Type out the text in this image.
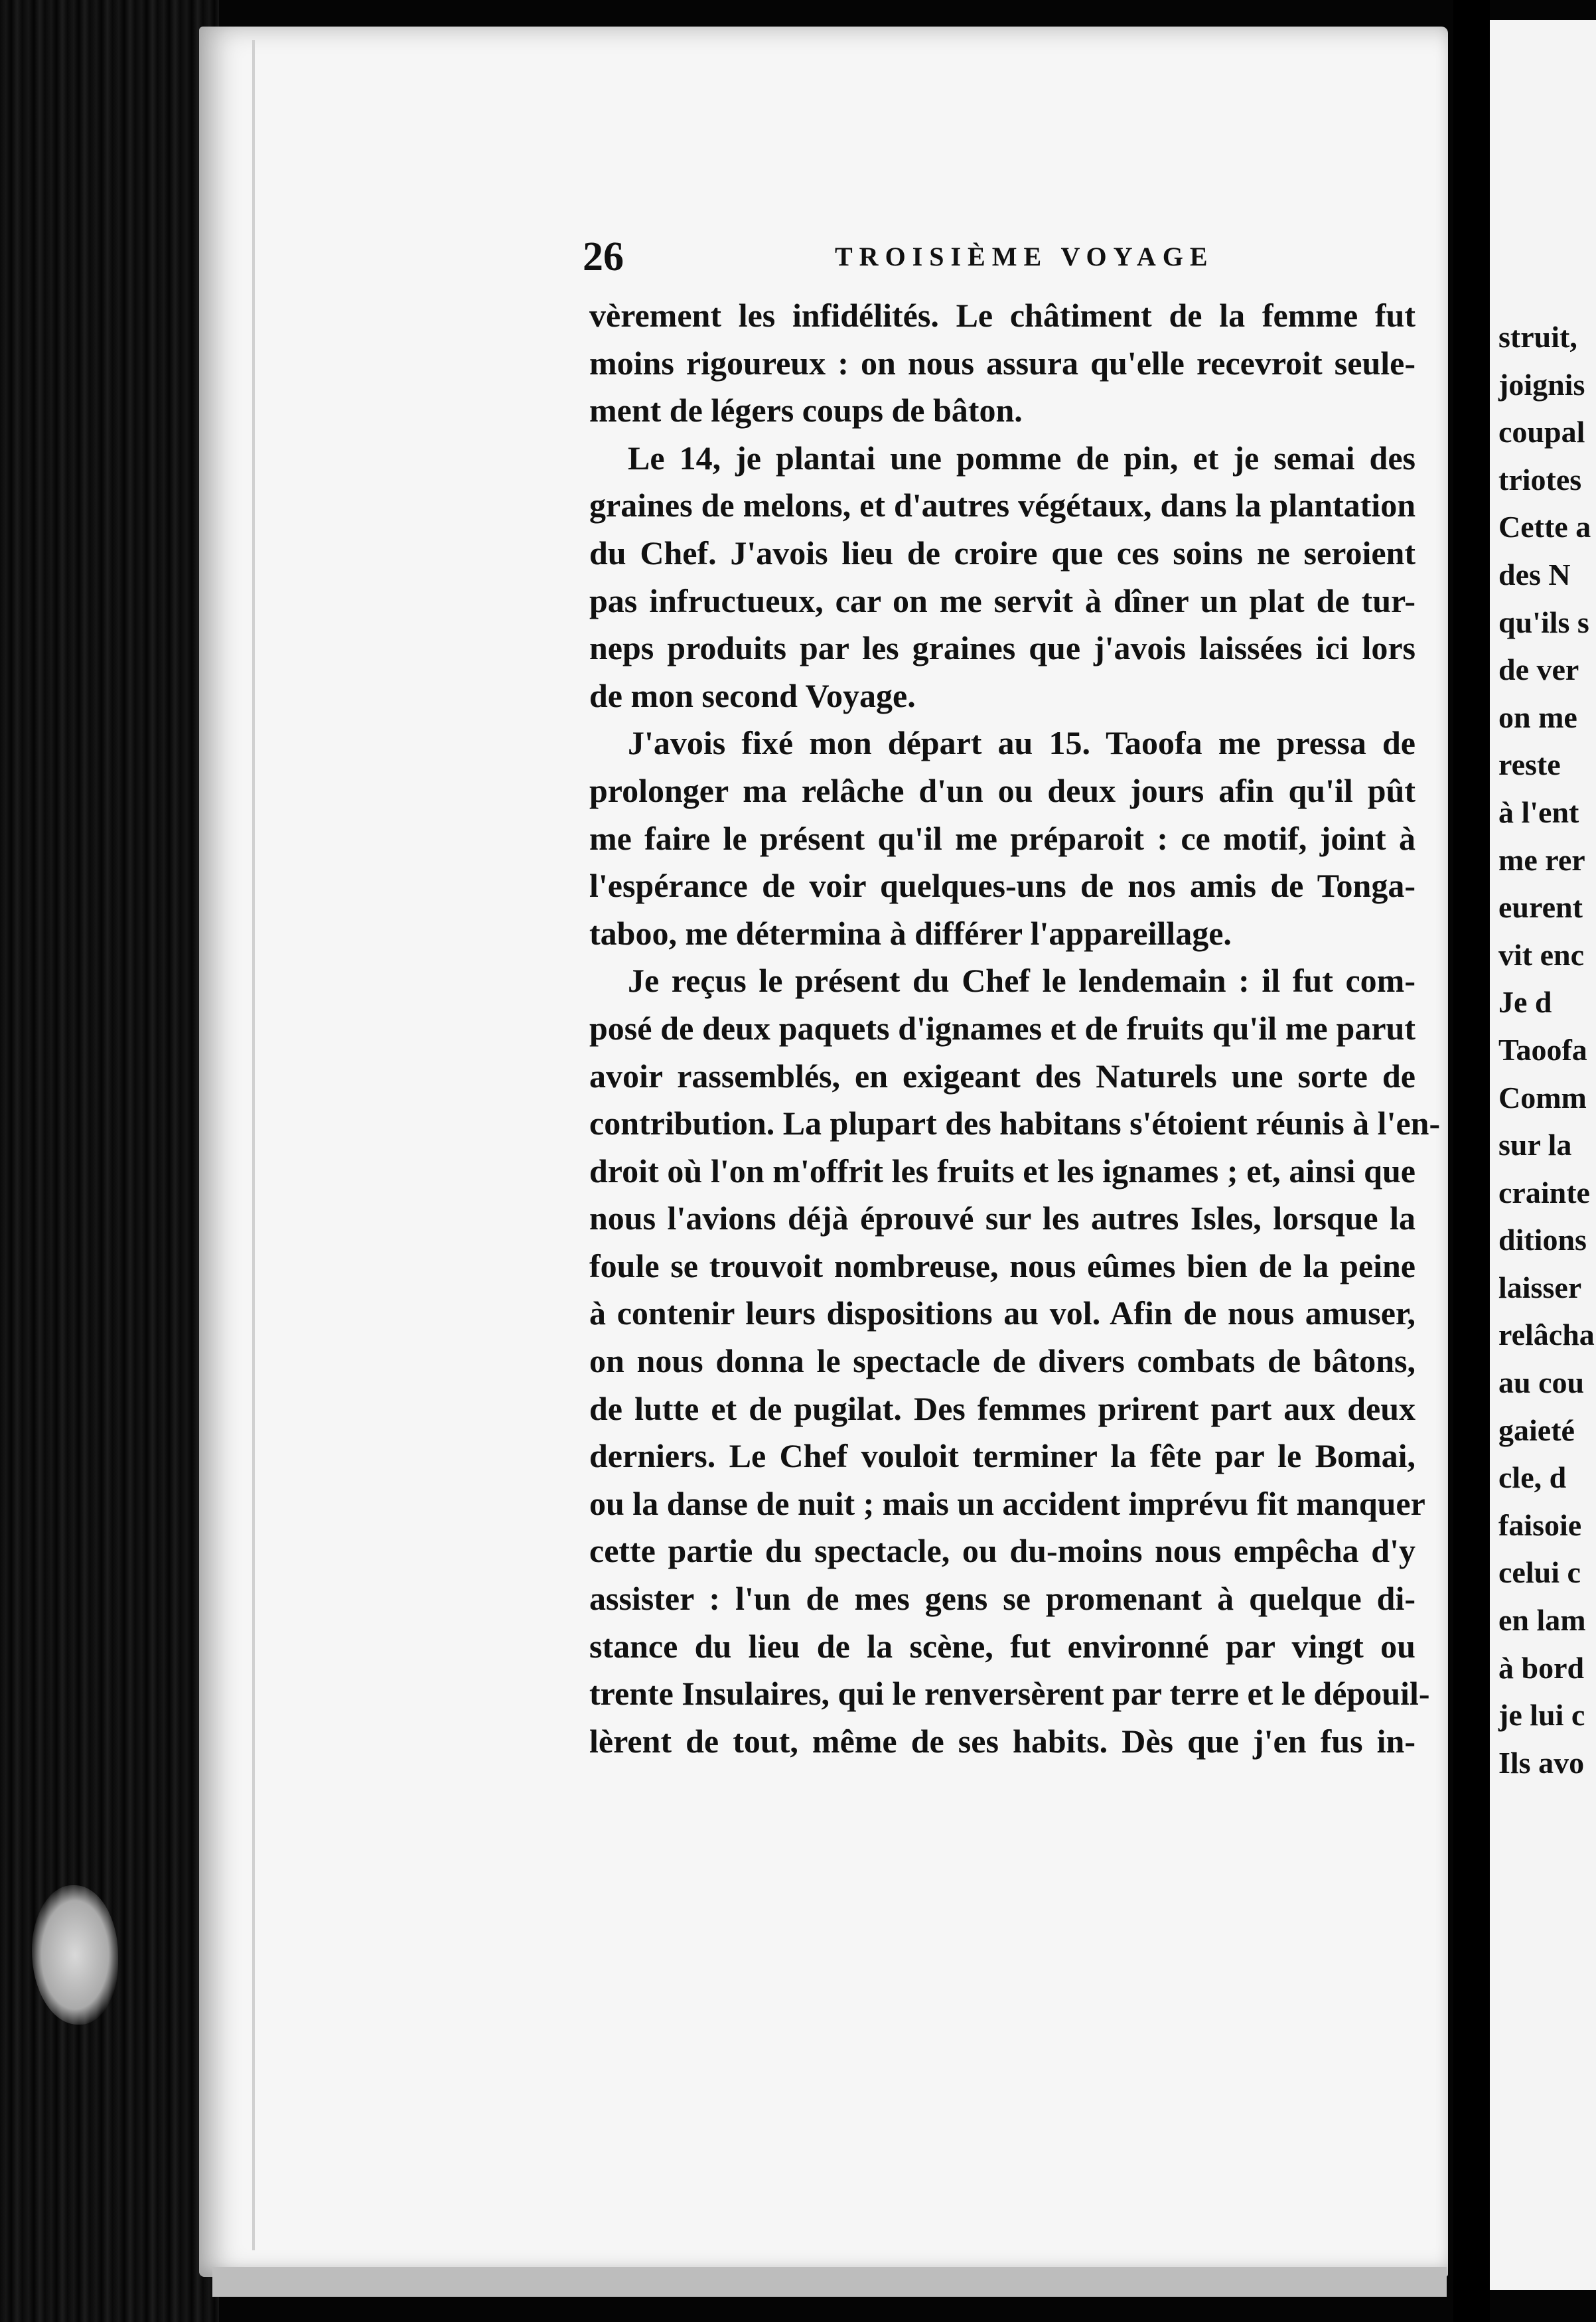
26	TROISIÈME VOYAGE
vèrement les infidélités. Le châtiment de la femme fut
moins rigoureux : on nous assura qu'elle recevroit seule-
ment de légers coups de bâton.
Le 14, je plantai une pomme de pin, et je semai des
graines de melons, et d'autres végétaux, dans la plantation
du Chef. J'avois lieu de croire que ces soins ne seroient
pas infructueux, car on me servit à dîner un plat de tur-
neps produits par les graines que j'avois laissées ici lors
de mon second Voyage.
J'avois fixé mon départ au 15. Taoofa me pressa de
prolonger ma relâche d'un ou deux jours afin qu'il pût
me faire le présent qu'il me préparoit : ce motif, joint à
l'espérance de voir quelques-uns de nos amis de Tonga-
taboo, me détermina à différer l'appareillage.
Je reçus le présent du Chef le lendemain : il fut com-
posé de deux paquets d'ignames et de fruits qu'il me parut
avoir rassemblés, en exigeant des Naturels une sorte de
contribution. La plupart des habitans s'étoient réunis à l'en-
droit où l'on m'offrit les fruits et les ignames ; et, ainsi que
nous l'avions déjà éprouvé sur les autres Isles, lorsque la
foule se trouvoit nombreuse, nous eûmes bien de la peine
à contenir leurs dispositions au vol. Afin de nous amuser,
on nous donna le spectacle de divers combats de bâtons,
de lutte et de pugilat. Des femmes prirent part aux deux
derniers. Le Chef vouloit terminer la fête par le Bomai,
ou la danse de nuit ; mais un accident imprévu fit manquer
cette partie du spectacle, ou du-moins nous empêcha d'y
assister : l'un de mes gens se promenant à quelque di-
stance du lieu de la scène, fut environné par vingt ou
trente Insulaires, qui le renversèrent par terre et le dépouil-
lèrent de tout, même de ses habits. Dès que j'en fus in-
struit,
joignis
coupal
triotes
Cette a
des N
qu'ils s
de ver
on me
reste
à l'ent
me rer
eurent
vit enc
Je d
Taoofa
Comm
sur la
crainte
ditions
laisser
relâcha
au cou
gaieté
cle, d
faisoie
celui c
en lam
à bord
je lui c
Ils avo
